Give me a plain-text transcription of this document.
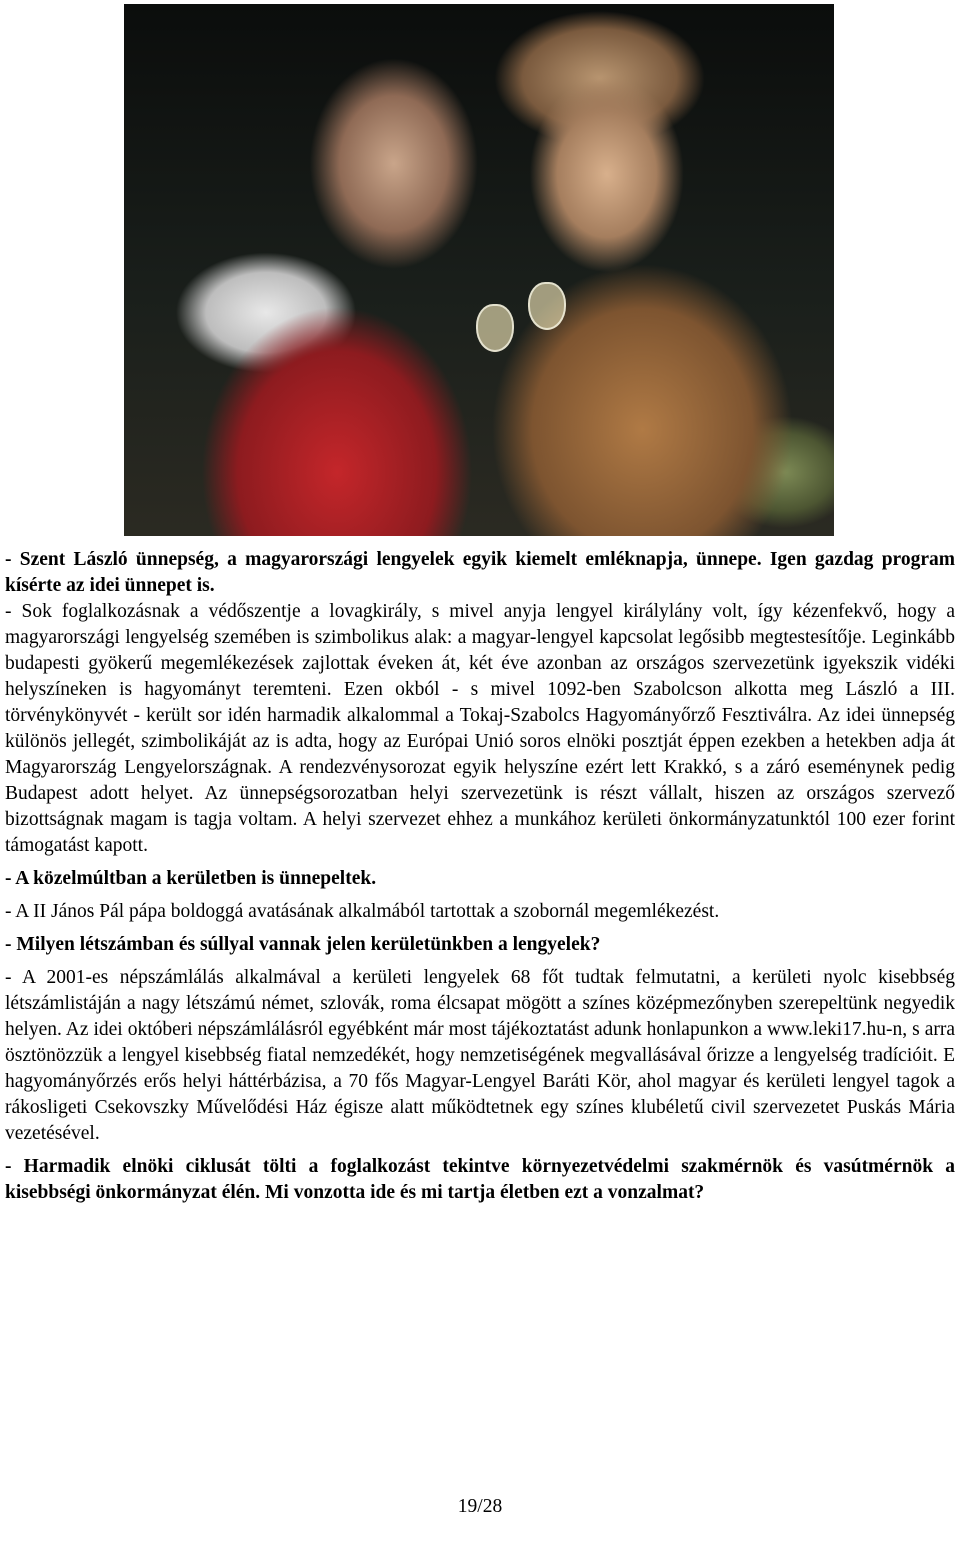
- Szent László ünnepség, a magyarországi lengyelek egyik kiemelt emléknapja, ünnepe. Igen gazdag program kísérte az idei ünnepet is.

- Sok foglalkozásnak a védőszentje a lovagkirály, s mivel anyja lengyel királylány volt, így kézenfekvő, hogy a magyarországi lengyelség szemében is szimbolikus alak: a magyar-lengyel kapcsolat legősibb megtestesítője. Leginkább budapesti gyökerű megemlékezések zajlottak éveken át, két éve azonban az országos szervezetünk igyekszik vidéki helyszíneken is hagyományt teremteni. Ezen okból - s mivel 1092-ben Szabolcson alkotta meg László a III. törvénykönyvét - került sor idén harmadik alkalommal a Tokaj-Szabolcs Hagyományőrző Fesztiválra. Az idei ünnepség különös jellegét, szimbolikáját az is adta, hogy az Európai Unió soros elnöki posztját éppen ezekben a hetekben adja át Magyarország Lengyelországnak. A rendezvénysorozat egyik helyszíne ezért lett Krakkó, s a záró eseménynek pedig Budapest adott helyet. Az ünnepségsorozatban helyi szervezetünk is részt vállalt, hiszen az országos szervező bizottságnak magam is tagja voltam. A helyi szervezet ehhez a munkához kerületi önkormányzatunktól 100 ezer forint támogatást kapott.

- A közelmúltban a kerületben is ünnepeltek.

- A II János Pál pápa boldoggá avatásának alkalmából tartottak a szobornál megemlékezést.

- Milyen létszámban és súllyal vannak jelen kerületünkben a lengyelek?

- A 2001-es népszámlálás alkalmával a kerületi lengyelek 68 főt tudtak felmutatni, a kerületi nyolc kisebbség létszámlistáján a nagy létszámú német, szlovák, roma élcsapat mögött a színes középmezőnyben szerepeltünk negyedik helyen. Az idei októberi népszámlálásról egyébként már most tájékoztatást adunk honlapunkon a www.leki17.hu-n, s arra ösztönözzük a lengyel kisebbség fiatal nemzedékét, hogy nemzetiségének megvallásával őrizze a lengyelség tradícióit. E hagyományőrzés erős helyi háttérbázisa, a 70 fős Magyar-Lengyel Baráti Kör, ahol magyar és kerületi lengyel tagok a rákosligeti Csekovszky Művelődési Ház égisze alatt működtetnek egy színes klubéletű civil szervezetet Puskás Mária vezetésével.

- Harmadik elnöki ciklusát tölti a foglalkozást tekintve környezetvédelmi szakmérnök és vasútmérnök a kisebbségi önkormányzat élén. Mi vonzotta ide és mi tartja életben ezt a vonzalmat?

19/28
